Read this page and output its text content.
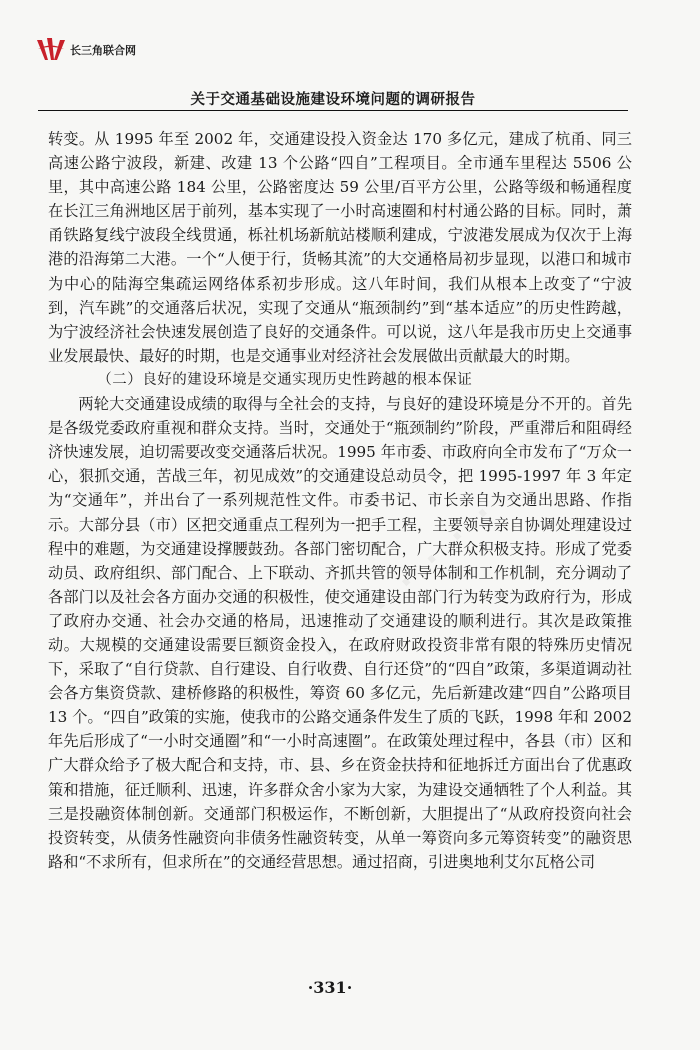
长三角联合网
关于交通基础设施建设环境问题的调研报告

转变。从 1995 年至 2002 年，交通建设投入资金达 170 多亿元，建成了杭甬、同三高速公路宁波段，新建、改建 13 个公路“四自”工程项目。全市通车里程达 5506 公里，其中高速公路 184 公里，公路密度达 59 公里/百平方公里，公路等级和畅通程度在长江三角洲地区居于前列，基本实现了一小时高速圈和村村通公路的目标。同时，萧甬铁路复线宁波段全线贯通，栎社机场新航站楼顺利建成，宁波港发展成为仅次于上海港的沿海第二大港。一个“人便于行，货畅其流”的大交通格局初步显现，以港口和城市为中心的陆海空集疏运网络体系初步形成。这八年时间，我们从根本上改变了“宁波到，汽车跳”的交通落后状况，实现了交通从“瓶颈制约”到“基本适应”的历史性跨越，为宁波经济社会快速发展创造了良好的交通条件。可以说，这八年是我市历史上交通事业发展最快、最好的时期，也是交通事业对经济社会发展做出贡献最大的时期。

（二）良好的建设环境是交通实现历史性跨越的根本保证

两轮大交通建设成绩的取得与全社会的支持，与良好的建设环境是分不开的。首先是各级党委政府重视和群众支持。当时，交通处于“瓶颈制约”阶段，严重滞后和阻碍经济快速发展，迫切需要改变交通落后状况。1995 年市委、市政府向全市发布了“万众一心，狠抓交通，苦战三年，初见成效”的交通建设总动员令，把 1995-1997 年 3 年定为“交通年”，并出台了一系列规范性文件。市委书记、市长亲自为交通出思路、作指示。大部分县（市）区把交通重点工程列为一把手工程，主要领导亲自协调处理建设过程中的难题，为交通建设撑腰鼓劲。各部门密切配合，广大群众积极支持。形成了党委动员、政府组织、部门配合、上下联动、齐抓共管的领导体制和工作机制，充分调动了各部门以及社会各方面办交通的积极性，使交通建设由部门行为转变为政府行为，形成了政府办交通、社会办交通的格局，迅速推动了交通建设的顺利进行。其次是政策推动。大规模的交通建设需要巨额资金投入，在政府财政投资非常有限的特殊历史情况下，采取了“自行贷款、自行建设、自行收费、自行还贷”的“四自”政策，多渠道调动社会各方集资贷款、建桥修路的积极性，筹资 60 多亿元，先后新建改建“四自”公路项目 13 个。“四自”政策的实施，使我市的公路交通条件发生了质的飞跃，1998 年和 2002 年先后形成了“一小时交通圈”和“一小时高速圈”。在政策处理过程中，各县（市）区和广大群众给予了极大配合和支持，市、县、乡在资金扶持和征地拆迁方面出台了优惠政策和措施，征迁顺利、迅速，许多群众舍小家为大家，为建设交通牺牲了个人利益。其三是投融资体制创新。交通部门积极运作，不断创新，大胆提出了“从政府投资向社会投资转变，从债务性融资向非债务性融资转变，从单一筹资向多元筹资转变”的融资思路和“不求所有，但求所在”的交通经营思想。通过招商，引进奥地利艾尔瓦格公司

·331·
